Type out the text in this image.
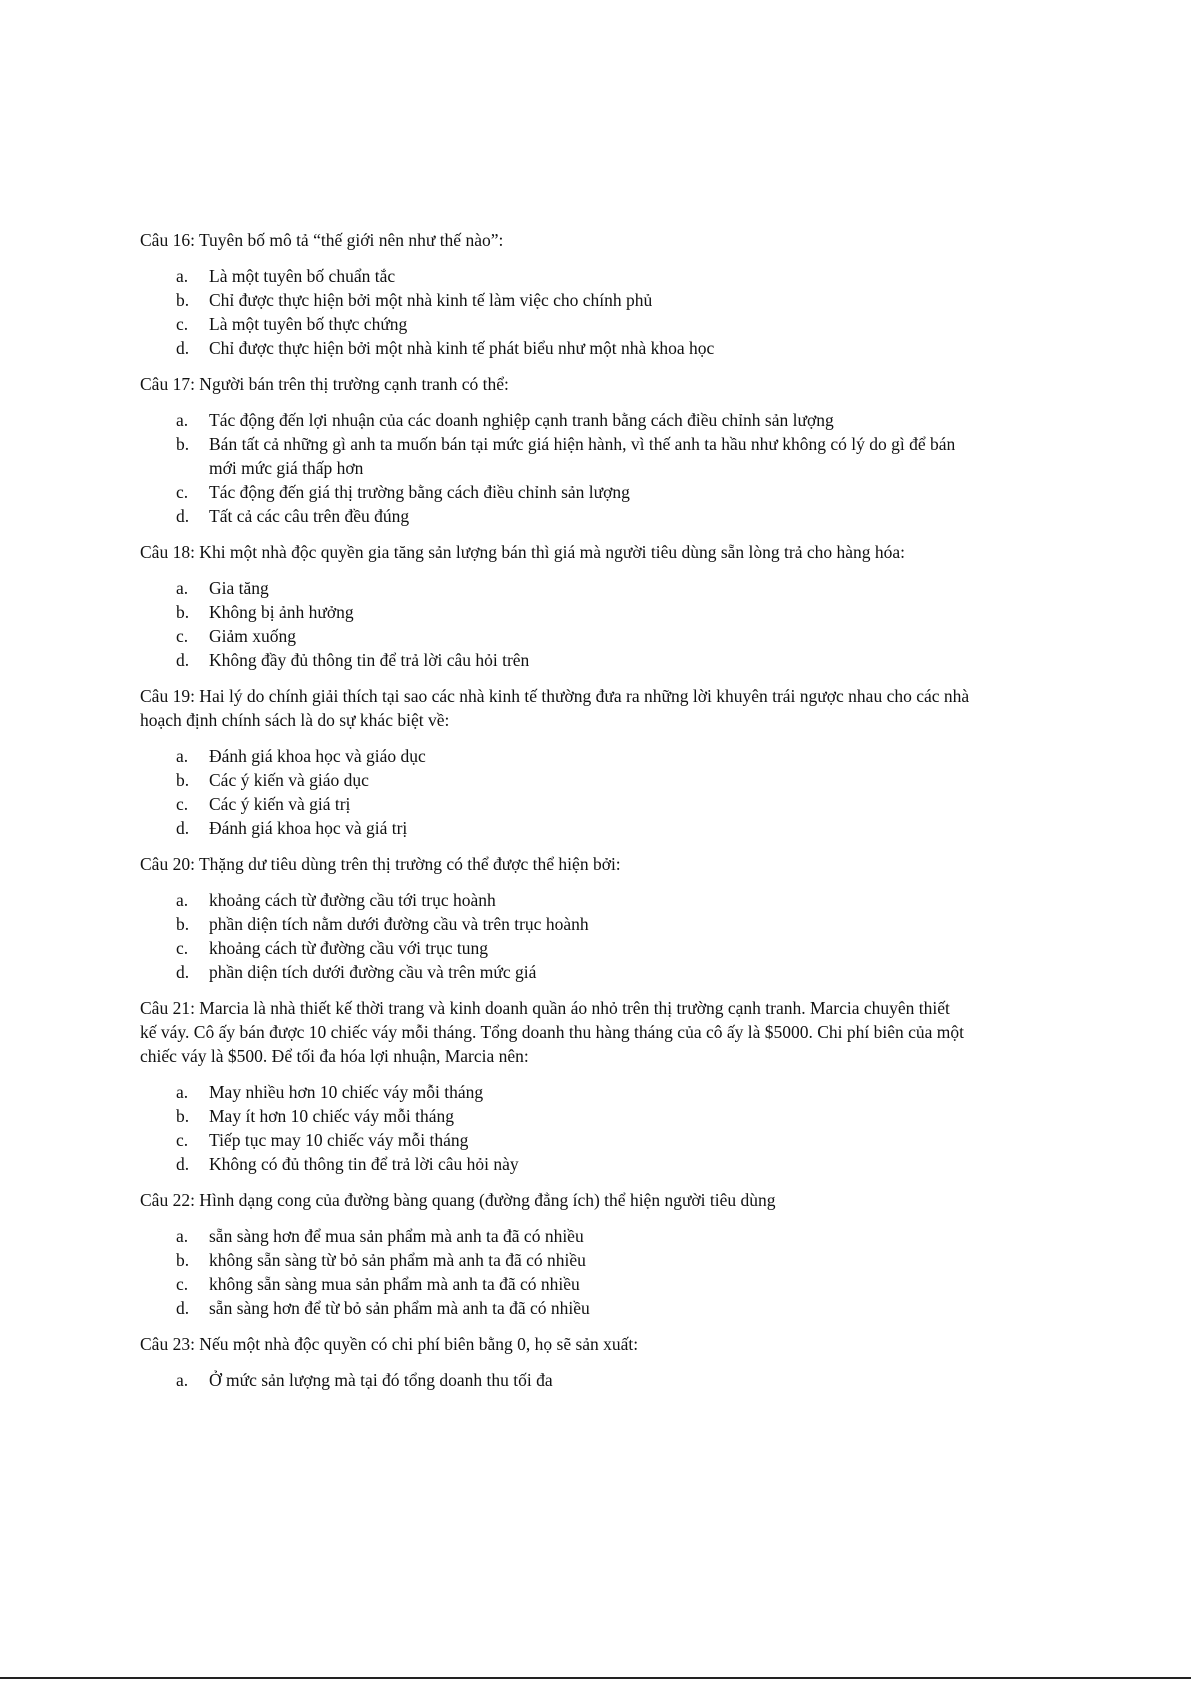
Câu 16: Tuyên bố mô tả “thế giới nên như thế nào”:

a.	Là một tuyên bố chuẩn tắc
b.	Chỉ được thực hiện bởi một nhà kinh tế làm việc cho chính phủ
c.	Là một tuyên bố thực chứng
d.	Chỉ được thực hiện bởi một nhà kinh tế phát biểu như một nhà khoa học

Câu 17: Người bán trên thị trường cạnh tranh có thể:

a.	Tác động đến lợi nhuận của các doanh nghiệp cạnh tranh bằng cách điều chỉnh sản lượng
b.	Bán tất cả những gì anh ta muốn bán tại mức giá hiện hành, vì thế anh ta hầu như không có lý do gì để bán mới mức giá thấp hơn
c.	Tác động đến giá thị trường bằng cách điều chỉnh sản lượng
d.	Tất cả các câu trên đều đúng

Câu 18: Khi một nhà độc quyền gia tăng sản lượng bán thì giá mà người tiêu dùng sẵn lòng trả cho hàng hóa:

a.	Gia tăng
b.	Không bị ảnh hưởng
c.	Giảm xuống
d.	Không đầy đủ thông tin để trả lời câu hỏi trên

Câu 19: Hai lý do chính giải thích tại sao các nhà kinh tế thường đưa ra những lời khuyên trái ngược nhau cho các nhà hoạch định chính sách là do sự khác biệt về:

a.	Đánh giá khoa học và giáo dục
b.	Các ý kiến và giáo dục
c.	Các ý kiến và giá trị
d.	Đánh giá khoa học và giá trị

Câu 20: Thặng dư tiêu dùng trên thị trường có thể được thể hiện bởi:

a.	khoảng cách từ đường cầu tới trục hoành
b.	phần diện tích nằm dưới đường cầu và trên trục hoành
c.	khoảng cách từ đường cầu với trục tung
d.	phần diện tích dưới đường cầu và trên mức giá

Câu 21: Marcia là nhà thiết kế thời trang và kinh doanh quần áo nhỏ trên thị trường cạnh tranh. Marcia chuyên thiết kế váy. Cô ấy bán được 10 chiếc váy mỗi tháng. Tổng doanh thu hàng tháng của cô ấy là $5000. Chi phí biên của một chiếc váy là $500. Để tối đa hóa lợi nhuận, Marcia nên:

a.	May nhiều hơn 10 chiếc váy mỗi tháng
b.	May ít hơn 10 chiếc váy mỗi tháng
c.	Tiếp tục may 10 chiếc váy mỗi tháng
d.	Không có đủ thông tin để trả lời câu hỏi này

Câu 22: Hình dạng cong của đường bàng quang (đường đẳng ích) thể hiện người tiêu dùng

a.	sẵn sàng hơn để mua sản phẩm mà anh ta đã có nhiều
b.	không sẵn sàng từ bỏ sản phẩm mà anh ta đã có nhiều
c.	không sẵn sàng mua sản phẩm mà anh ta đã có nhiều
d.	sẵn sàng hơn để từ bỏ sản phẩm mà anh ta đã có nhiều

Câu 23: Nếu một nhà độc quyền có chi phí biên bằng 0, họ sẽ sản xuất:

a.	Ở mức sản lượng mà tại đó tổng doanh thu tối đa
